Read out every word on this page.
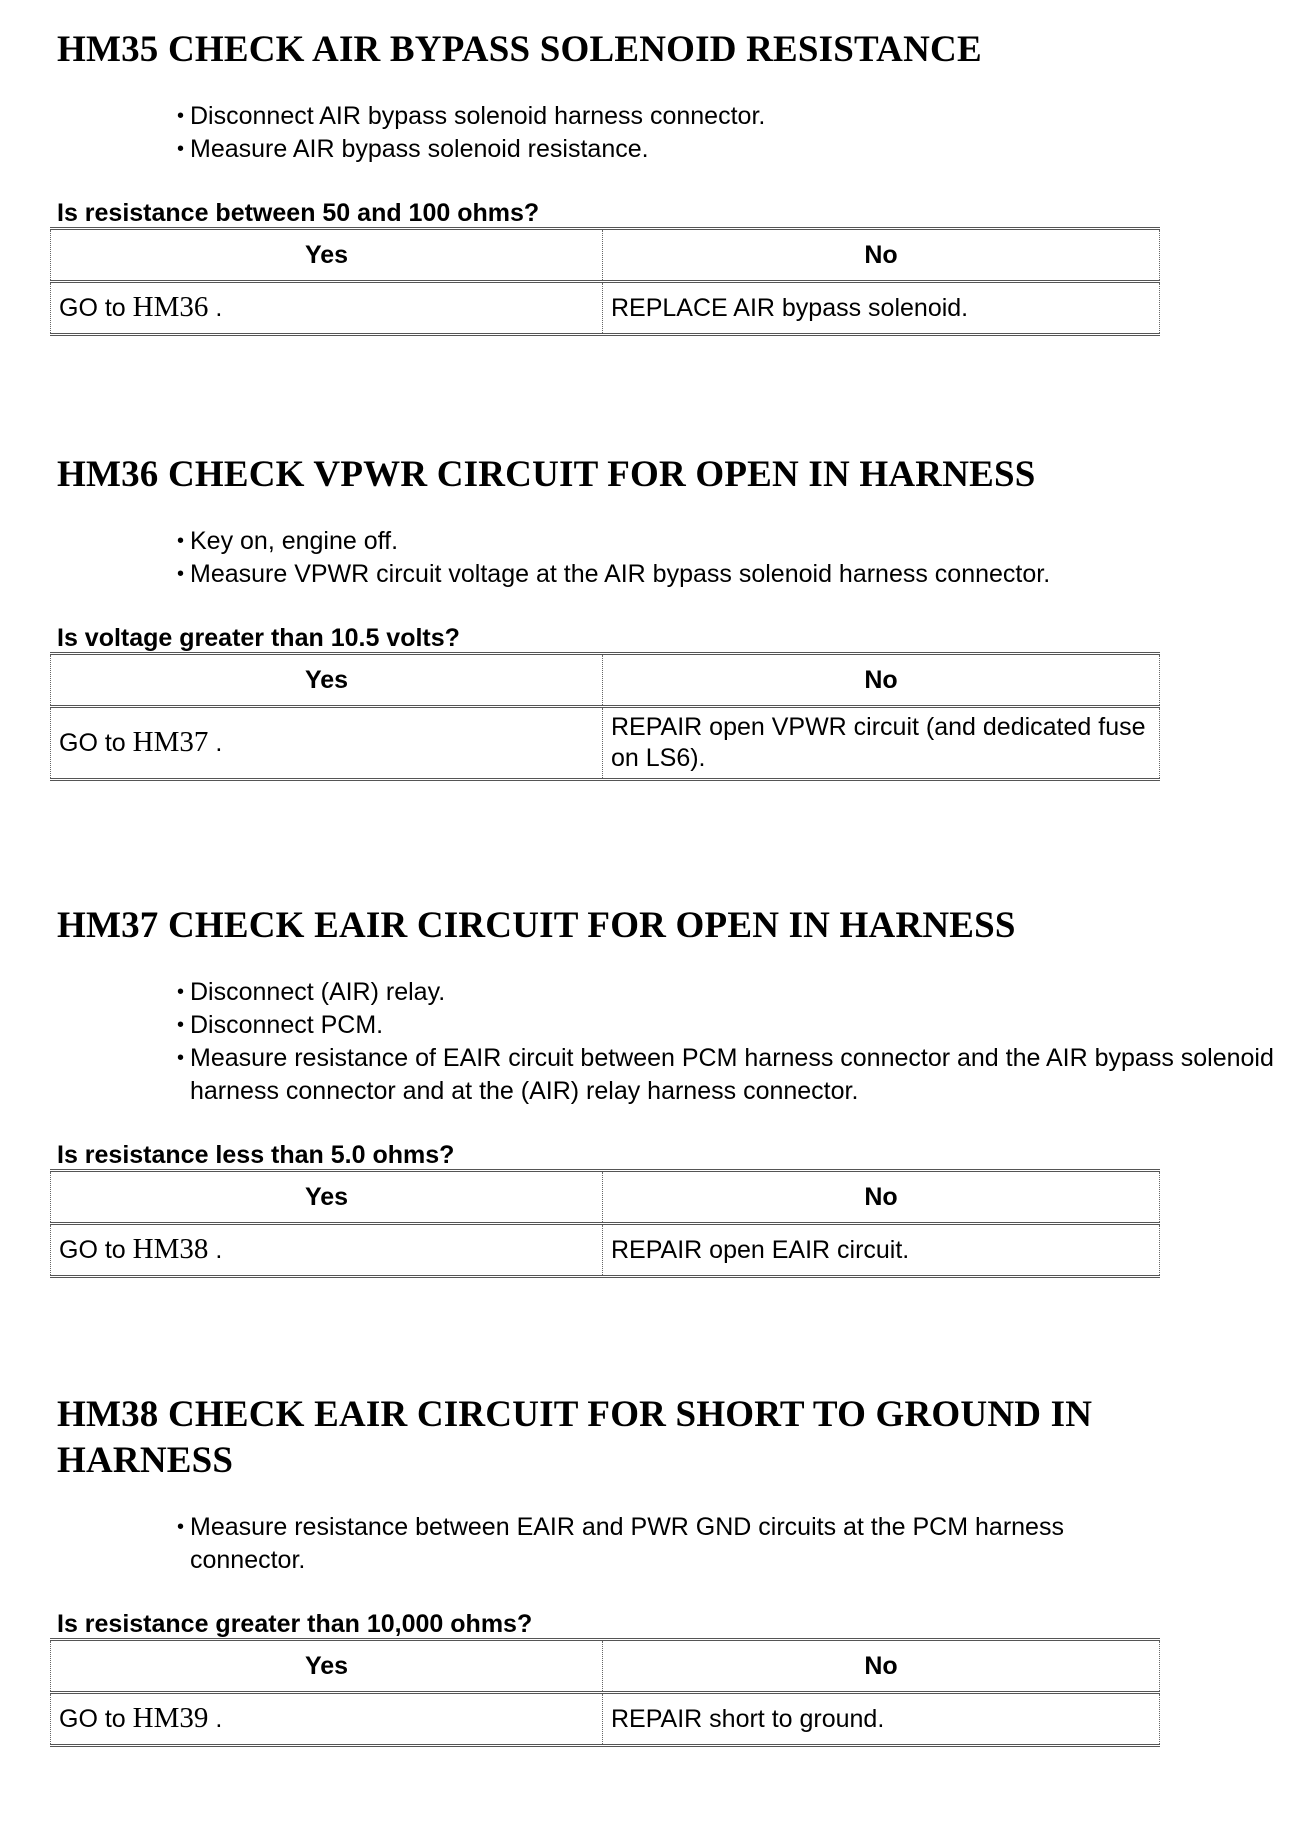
HM35 CHECK AIR BYPASS SOLENOID RESISTANCE
• Disconnect AIR bypass solenoid harness connector.
• Measure AIR bypass solenoid resistance.

Is resistance between 50 and 100 ohms?

Yes	No
GO to HM36 .	REPLACE AIR bypass solenoid.
HM36 CHECK VPWR CIRCUIT FOR OPEN IN HARNESS
• Key on, engine off.
• Measure VPWR circuit voltage at the AIR bypass solenoid harness connector.

Is voltage greater than 10.5 volts?

Yes	No
GO to HM37 .	REPAIR open VPWR circuit (and dedicated fuse on LS6).
HM37 CHECK EAIR CIRCUIT FOR OPEN IN HARNESS
• Disconnect (AIR) relay.
• Disconnect PCM.
• Measure resistance of EAIR circuit between PCM harness connector and the AIR bypass solenoid harness connector and at the (AIR) relay harness connector.

Is resistance less than 5.0 ohms?

Yes	No
GO to HM38 .	REPAIR open EAIR circuit.
HM38 CHECK EAIR CIRCUIT FOR SHORT TO GROUND IN HARNESS
• Measure resistance between EAIR and PWR GND circuits at the PCM harness connector.

Is resistance greater than 10,000 ohms?

Yes	No
GO to HM39 .	REPAIR short to ground.
